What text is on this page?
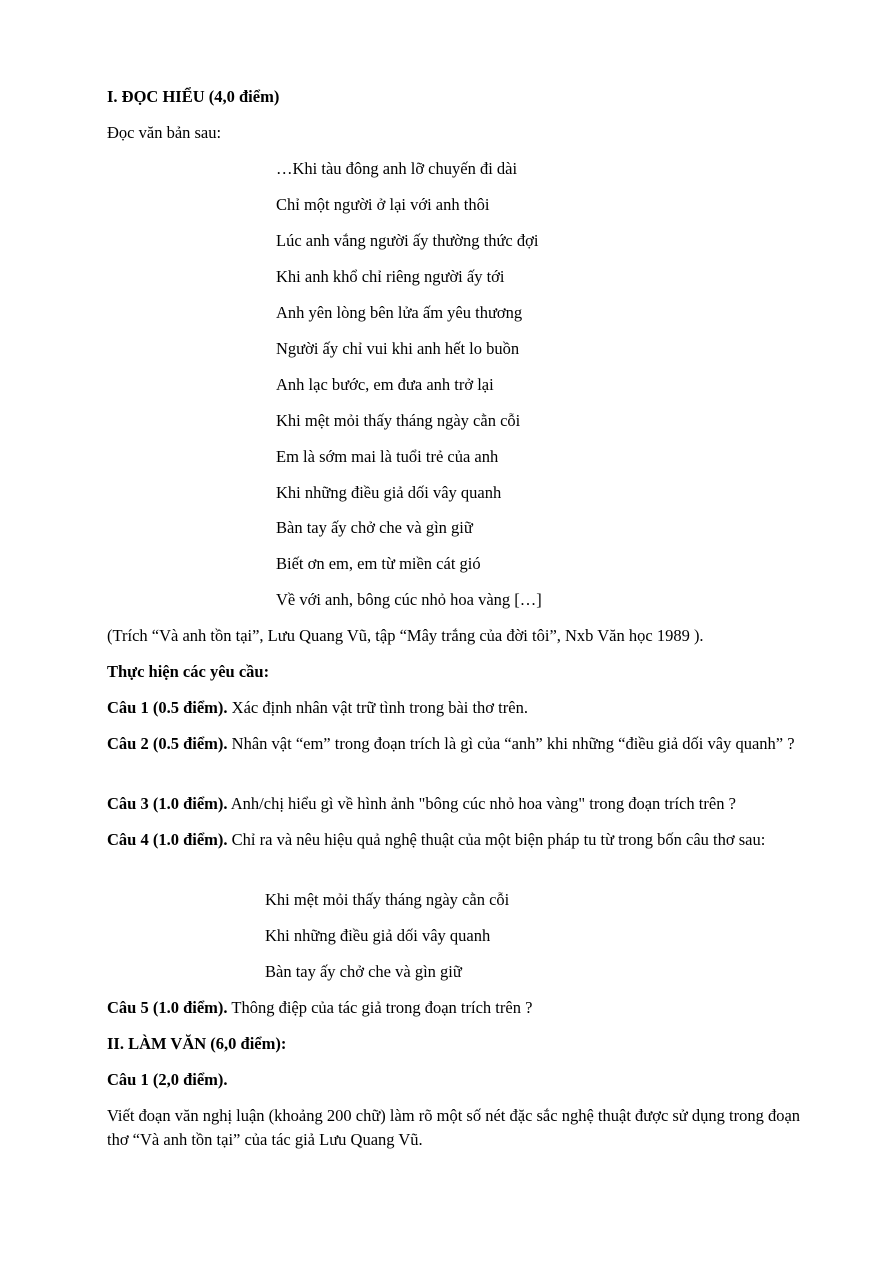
I. ĐỌC HIỂU (4,0 điểm)
Đọc văn bản sau:
…Khi tàu đông anh lỡ chuyến đi dài
Chỉ một người ở lại với anh thôi
Lúc anh vắng người ấy thường thức đợi
Khi anh khổ chỉ riêng người ấy tới
Anh yên lòng bên lửa ấm yêu thương
Người ấy chỉ vui khi anh hết lo buồn
Anh lạc bước, em đưa anh trở lại
Khi mệt mỏi thấy tháng ngày cằn cỗi
Em là sớm mai là tuổi trẻ của anh
Khi những điều giả dối vây quanh
Bàn tay ấy chở che và gìn giữ
Biết ơn em, em từ miền cát gió
Về với anh, bông cúc nhỏ hoa vàng […]
(Trích “Và anh tồn tại”, Lưu Quang Vũ, tập “Mây trắng của đời tôi”, Nxb Văn học 1989 ).
Thực hiện các yêu cầu:
Câu 1 (0.5 điểm). Xác định nhân vật trữ tình trong bài thơ trên.
Câu 2 (0.5 điểm). Nhân vật “em” trong đoạn trích là gì của “anh” khi những “điều giả dối vây quanh” ?
Câu 3 (1.0 điểm). Anh/chị hiểu gì về hình ảnh "bông cúc nhỏ hoa vàng" trong đoạn trích trên ?
Câu 4 (1.0 điểm). Chỉ ra và nêu hiệu quả nghệ thuật của một biện pháp tu từ trong bốn câu thơ sau:
Khi mệt mỏi thấy tháng ngày cằn cỗi
Khi những điều giả dối vây quanh
Bàn tay ấy chở che và gìn giữ
Câu 5 (1.0 điểm). Thông điệp của tác giả trong đoạn trích trên ?
II. LÀM VĂN (6,0 điểm):
Câu 1 (2,0 điểm).
Viết đoạn văn nghị luận (khoảng 200 chữ) làm rõ một số nét đặc sắc nghệ thuật được sử dụng trong đoạn thơ “Và anh tồn tại” của tác giả Lưu Quang Vũ.
